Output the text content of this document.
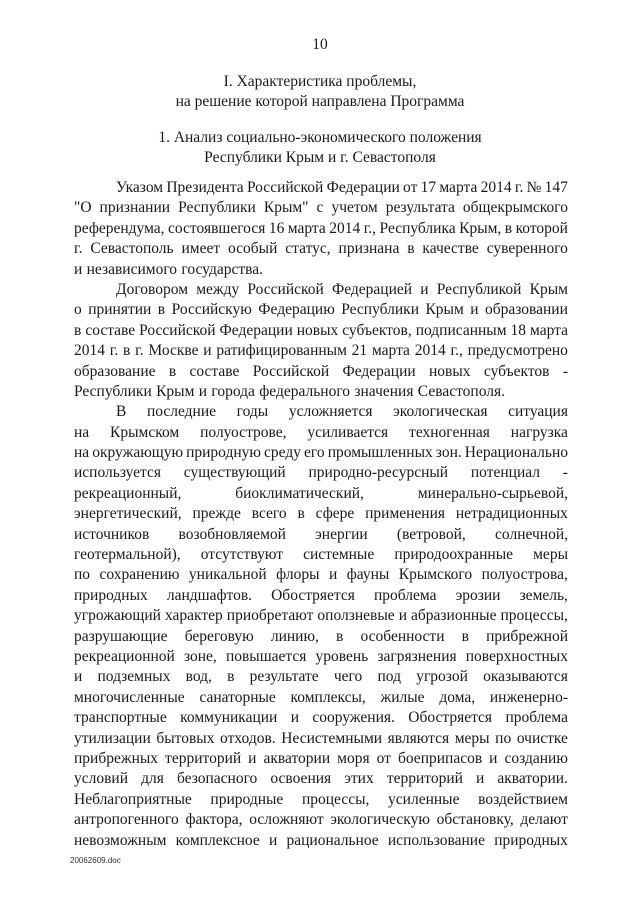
10
I. Характеристика проблемы,
на решение которой направлена Программа
1. Анализ социально-экономического положения
Республики Крым и г. Севастополя
Указом Президента Российской Федерации от 17 марта 2014 г. № 147
"О признании Республики Крым" с учетом результата общекрымского
референдума, состоявшегося 16 марта 2014 г., Республика Крым, в которой
г. Севастополь имеет особый статус, признана в качестве суверенного
и независимого государства.
Договором между Российской Федерацией и Республикой Крым
о принятии в Российскую Федерацию Республики Крым и образовании
в составе Российской Федерации новых субъектов, подписанным 18 марта
2014 г. в г. Москве и ратифицированным 21 марта 2014 г., предусмотрено
образование в составе Российской Федерации новых субъектов -
Республики Крым и города федерального значения Севастополя.
В последние годы усложняется экологическая ситуация
на Крымском полуострове, усиливается техногенная нагрузка
на окружающую природную среду его промышленных зон. Нерационально
используется существующий природно-ресурсный потенциал -
рекреационный,	биоклиматический,	минерально-сырьевой,
энергетический, прежде всего в сфере применения нетрадиционных
источников возобновляемой энергии (ветровой, солнечной,
геотермальной), отсутствуют системные природоохранные меры
по сохранению уникальной флоры и фауны Крымского полуострова,
природных ландшафтов. Обостряется проблема эрозии земель,
угрожающий характер приобретают оползневые и абразионные процессы,
разрушающие береговую линию, в особенности в прибрежной
рекреационной зоне, повышается уровень загрязнения поверхностных
и подземных вод, в результате чего под угрозой оказываются
многочисленные санаторные комплексы, жилые дома, инженерно-
транспортные коммуникации и сооружения. Обостряется проблема
утилизации бытовых отходов. Несистемными являются меры по очистке
прибрежных территорий и акватории моря от боеприпасов и созданию
условий для безопасного освоения этих территорий и акватории.
Неблагоприятные природные процессы, усиленные воздействием
антропогенного фактора, осложняют экологическую обстановку, делают
невозможным комплексное и рациональное использование природных
20062609.doc
